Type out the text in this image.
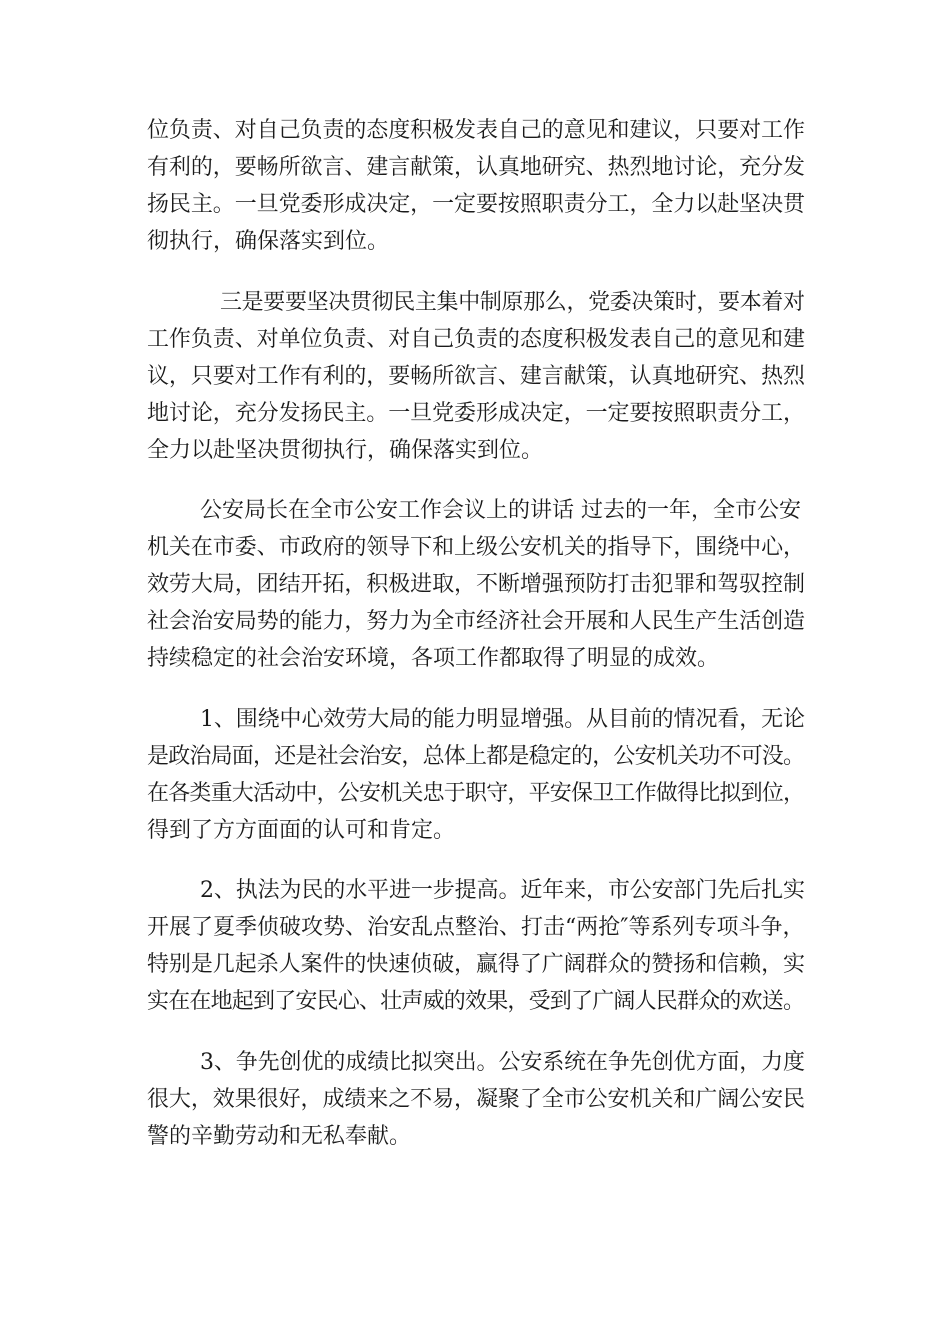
位负责、对自己负责的态度积极发表自己的意见和建议，只要对工作
有利的，要畅所欲言、建言献策，认真地研究、热烈地讨论，充分发
扬民主。一旦党委形成决定，一定要按照职责分工，全力以赴坚决贯
彻执行，确保落实到位。
三是要要坚决贯彻民主集中制原那么，党委决策时，要本着对
工作负责、对单位负责、对自己负责的态度积极发表自己的意见和建
议，只要对工作有利的，要畅所欲言、建言献策，认真地研究、热烈
地讨论，充分发扬民主。一旦党委形成决定，一定要按照职责分工，
全力以赴坚决贯彻执行，确保落实到位。
公安局长在全市公安工作会议上的讲话 过去的一年，全市公安
机关在市委、市政府的领导下和上级公安机关的指导下，围绕中心，
效劳大局，团结开拓，积极进取，不断增强预防打击犯罪和驾驭控制
社会治安局势的能力，努力为全市经济社会开展和人民生产生活创造
持续稳定的社会治安环境，各项工作都取得了明显的成效。
1、围绕中心效劳大局的能力明显增强。从目前的情况看，无论
是政治局面，还是社会治安，总体上都是稳定的，公安机关功不可没。
在各类重大活动中，公安机关忠于职守，平安保卫工作做得比拟到位，
得到了方方面面的认可和肯定。
2、执法为民的水平进一步提高。近年来，市公安部门先后扎实
开展了夏季侦破攻势、治安乱点整治、打击“两抢″等系列专项斗争，
特别是几起杀人案件的快速侦破，赢得了广阔群众的赞扬和信赖，实
实在在地起到了安民心、壮声威的效果，受到了广阔人民群众的欢送。
3、争先创优的成绩比拟突出。公安系统在争先创优方面，力度
很大，效果很好，成绩来之不易，凝聚了全市公安机关和广阔公安民
警的辛勤劳动和无私奉献。
